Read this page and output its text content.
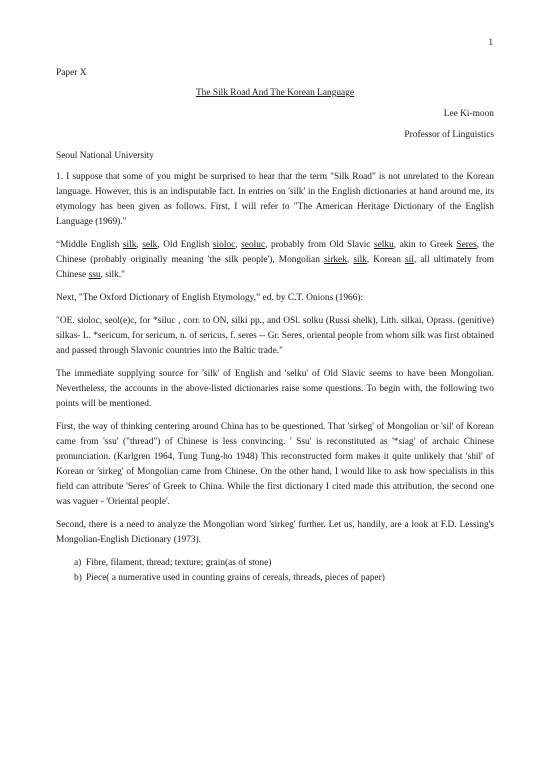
1

Paper X

The Silk Road And The Korean Language

Lee Ki-moon

Professor of Linguistics

Seoul National University

1. I suppose that some of you might be surprised to hear that the term "Silk Road" is not unrelated to the Korean language. However, this is an indisputable fact. In entries on 'silk' in the English dictionaries at hand around me, its etymology has been given as follows. First, I will refer to "The American Heritage Dictionary of the English Language (1969)."

“Middle English silk, selk, Old English sioloc, seoluc, probably from Old Slavic selku, akin to Greek Seres, the Chinese (probably originally meaning 'the silk people'), Mongolian sirkek, silk, Korean sil, all ultimately from Chinese ssu, silk."

Next, "The Oxford Dictionary of English Etymology,” ed. by C.T. Onions (1966):

"OE. sioloc, seol(e)c, for *siluc , corr. to ON, silki pp., and OSl. solku (Russi shelk), Lith. silkai, Oprass. (genitive) silkas- L. *sericum, for sericum, n. of sericus, f. seres -- Gr. Seres, oriental people from whom silk was first obtained and passed through Slavonic countries into the Baltic trade."

The immediate supplying source for 'silk' of English and 'selku' of Old Slavic seems to have been Mongolian. Nevertheless, the accounts in the above-listed dictionaries raise some questions. To begin with, the following two points will be mentioned.

First, the way of thinking centering around China has to be questioned. That 'sirkeg' of Mongolian or 'sil' of Korean came from 'ssu' ("thread") of Chinese is less convincing. ' Ssu' is reconstituted as '*siag' of archaic Chinese pronunciation. (Karlgren 1964, Tung Tung-ho 1948) This reconstructed form makes it quite unlikely that 'shil' of Korean or 'sirkeg' of Mongolian came from Chinese. On the other hand, I would like to ask how specialists in this field can attribute 'Seres' of Greek to China. While the first dictionary I cited made this attribution, the second one was vaguer - 'Oriental people'.

Second, there is a need to analyze the Mongolian word 'sirkeg' further. Let us, handily, are a look at F.D. Lessing's Mongolian-English Dictionary (1973).

a) Fibre, filament, thread; texture; grain(as of stone)
b) Piece( a numerative used in counting grains of cereals, threads, pieces of paper)
